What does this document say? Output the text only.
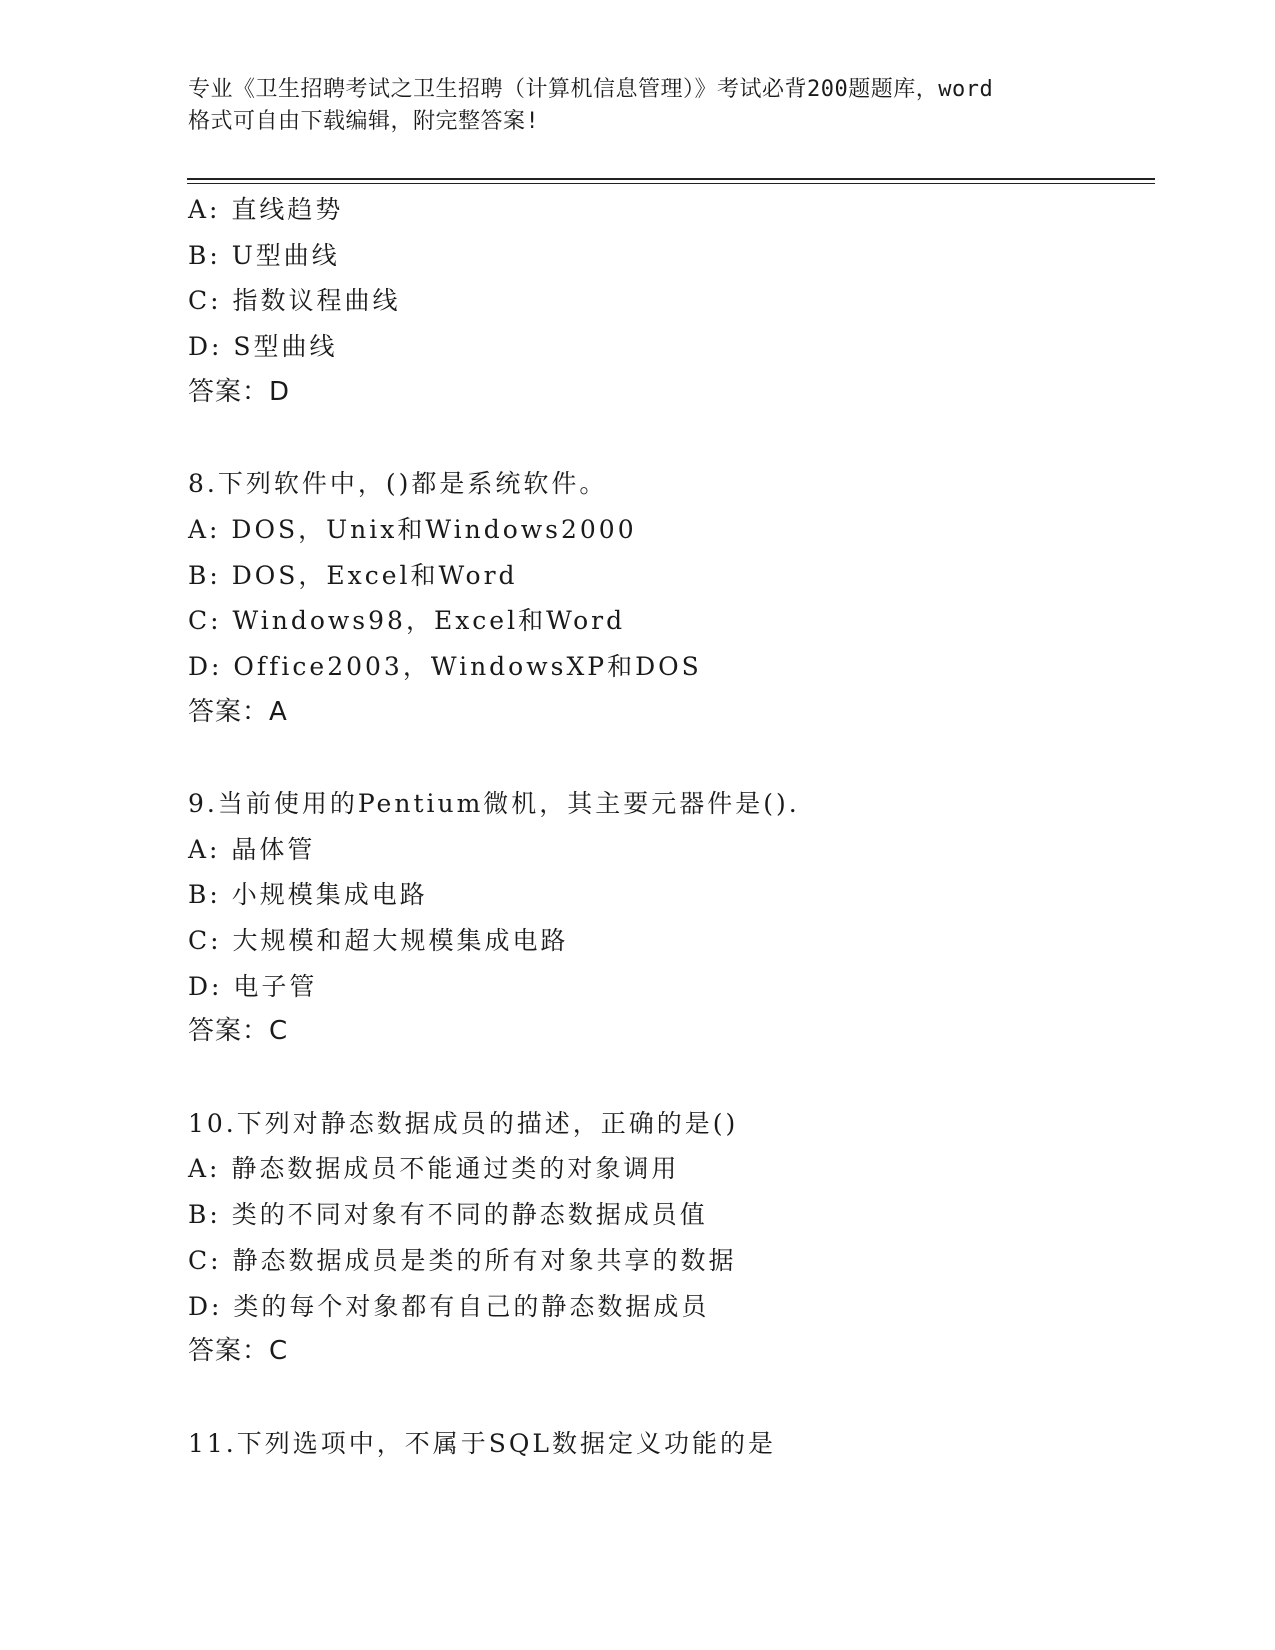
专业《卫生招聘考试之卫生招聘（计算机信息管理）》考试必背200题题库，word
格式可自由下载编辑，附完整答案!
A: 直线趋势
B: U型曲线
C: 指数议程曲线
D: S型曲线
答案：D
8.下列软件中，()都是系统软件。
A: DOS，Unix和Windows2000
B: DOS，Excel和Word
C: Windows98，Excel和Word
D: Office2003，WindowsXP和DOS
答案：A
9.当前使用的Pentium微机，其主要元器件是().
A: 晶体管
B: 小规模集成电路
C: 大规模和超大规模集成电路
D: 电子管
答案：C
10.下列对静态数据成员的描述，正确的是()
A: 静态数据成员不能通过类的对象调用
B: 类的不同对象有不同的静态数据成员值
C: 静态数据成员是类的所有对象共享的数据
D: 类的每个对象都有自己的静态数据成员
答案：C
11.下列选项中，不属于SQL数据定义功能的是
